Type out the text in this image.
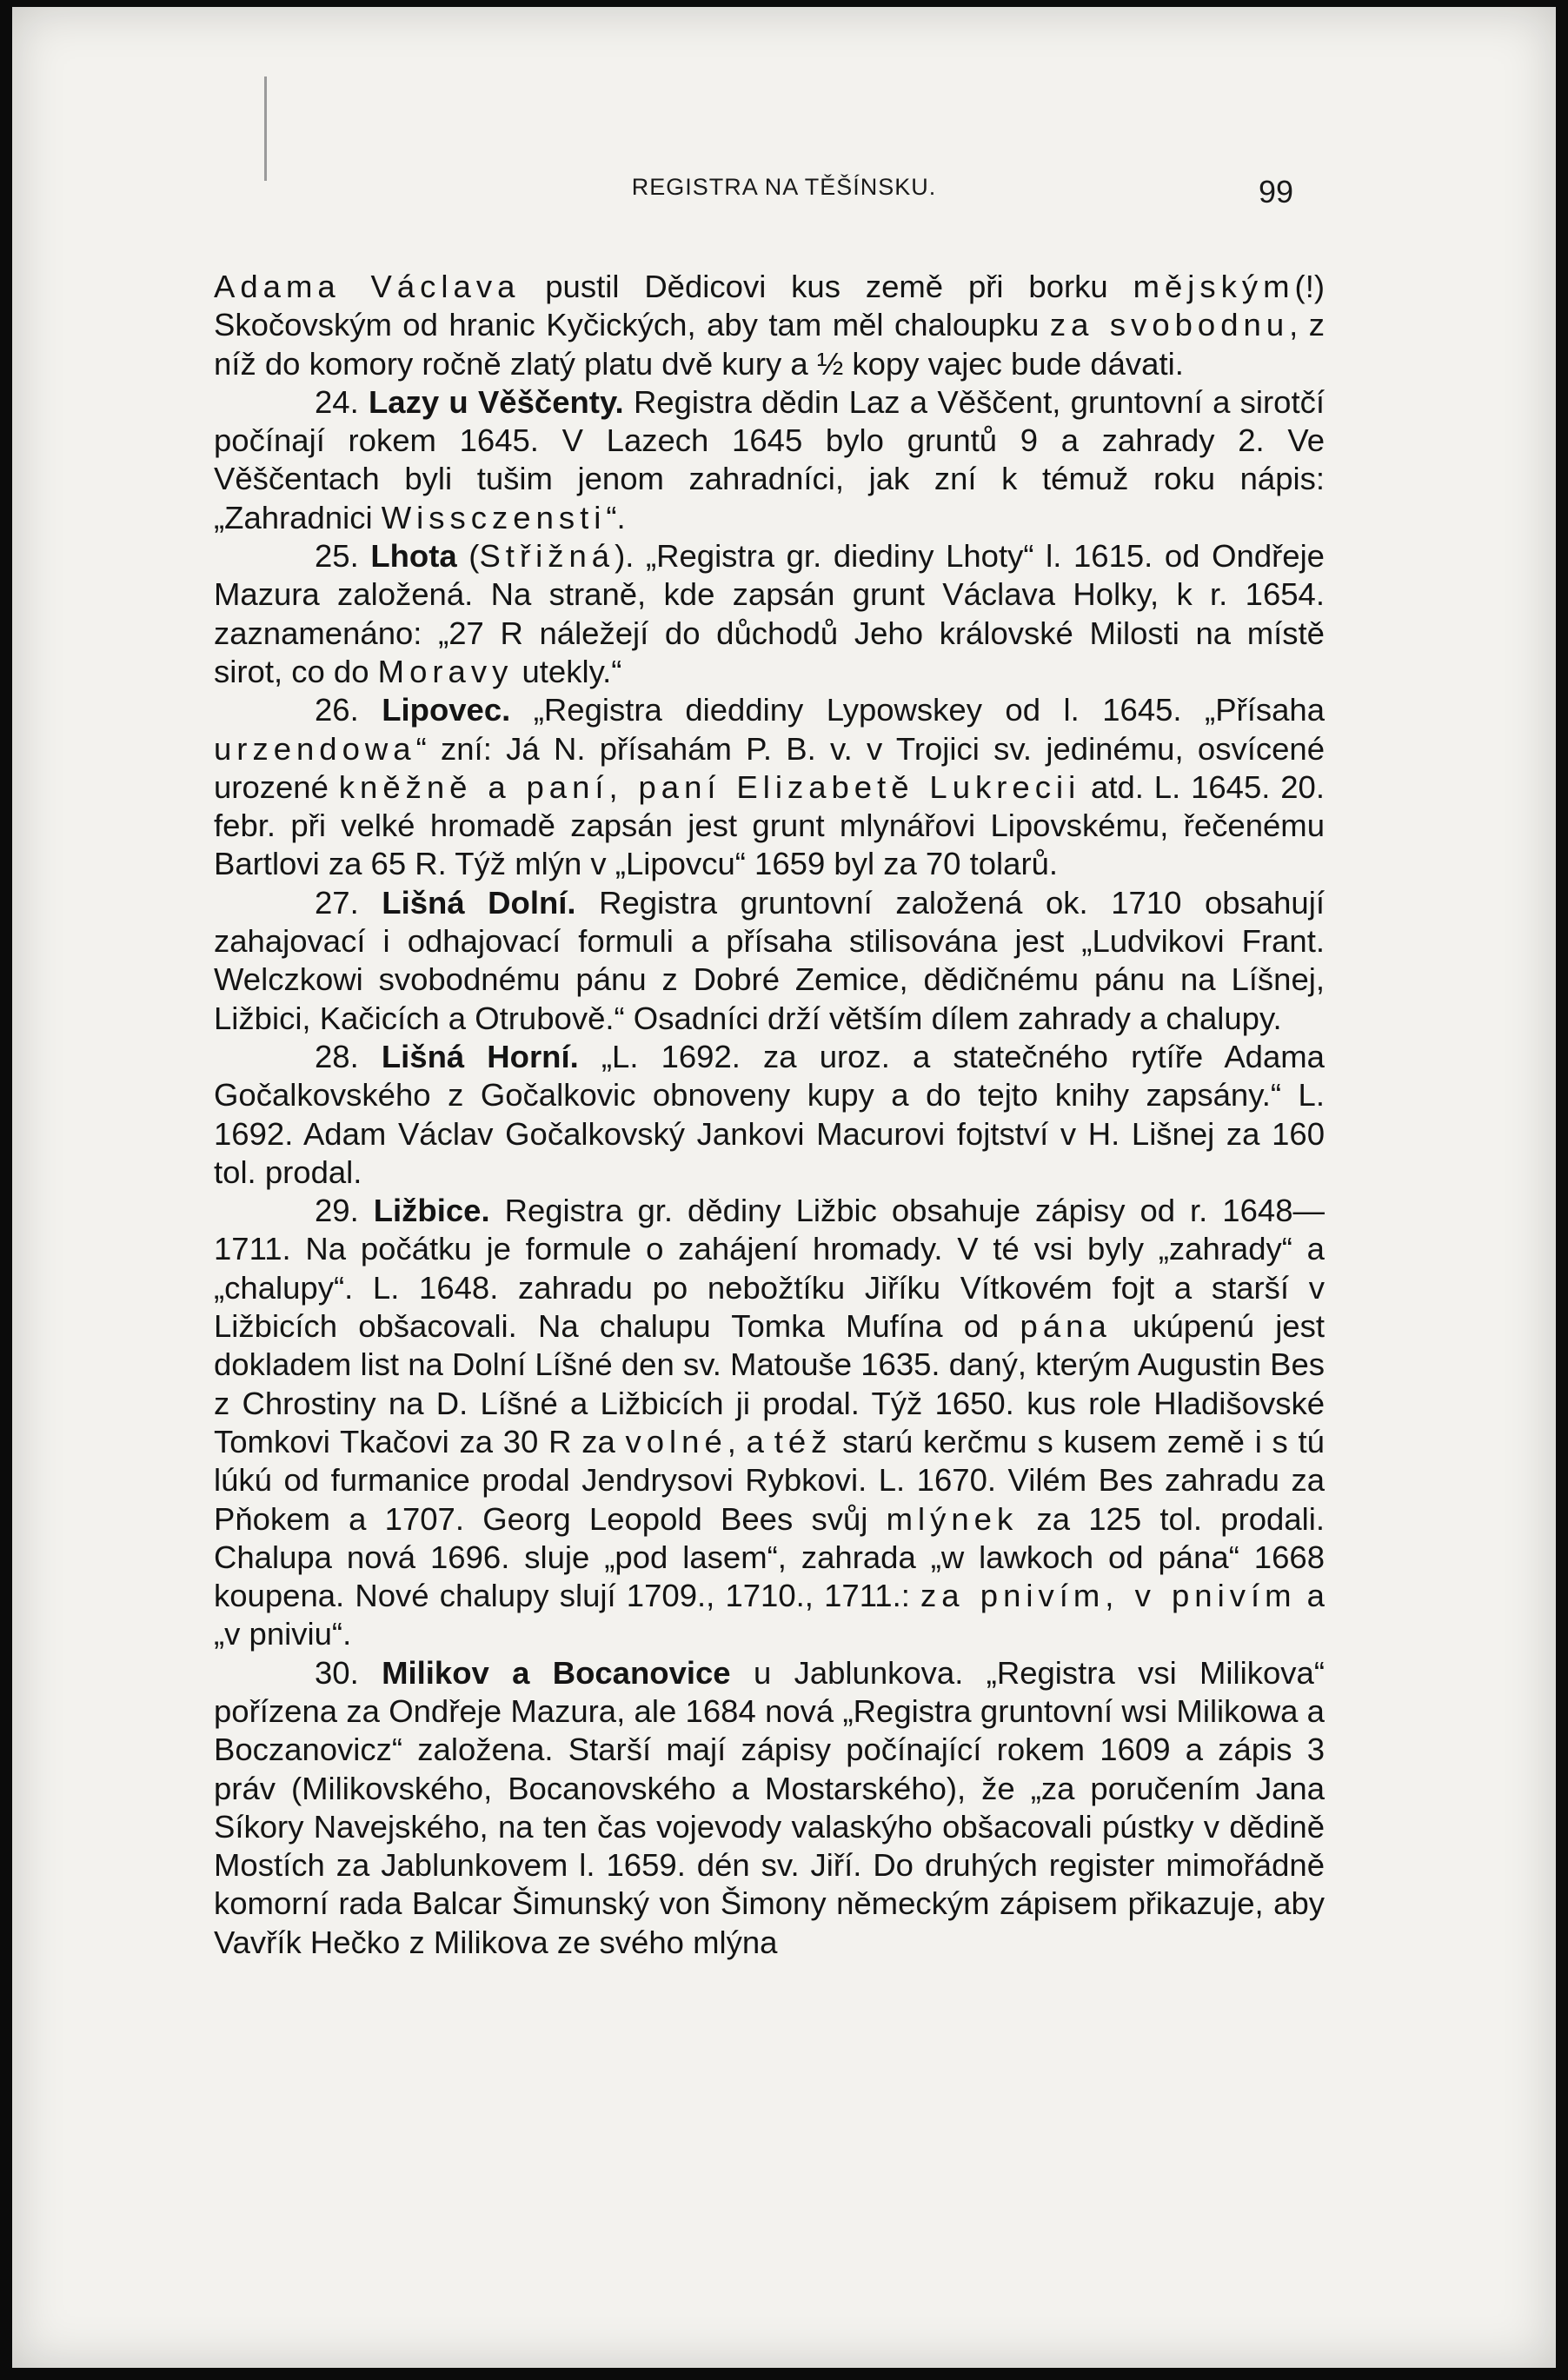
REGISTRA NA TĚŠÍNSKU.	99

Adama Václava pustil Dědicovi kus země při borku mějským(!) Skočovským od hranic Kyčických, aby tam měl chaloupku za svobodnu, z níž do komory ročně zlatý platu dvě kury a ½ kopy vajec bude dávati.

24. Lazy u Věščenty. Registra dědin Laz a Věščent, gruntovní a sirotčí počínají rokem 1645. V Lazech 1645 bylo gruntů 9 a zahrady 2. Ve Věščentach byli tušim jenom zahradníci, jak zní k témuž roku nápis: „Zahradnici Wissczensti“.

25. Lhota (Střižná). „Registra gr. diediny Lhoty“ l. 1615. od Ondřeje Mazura založená. Na straně, kde zapsán grunt Václava Holky, k r. 1654. zaznamenáno: „27 R náležejí do důchodů Jeho královské Milosti na místě sirot, co do Moravy utekly.“

26. Lipovec. „Registra dieddiny Lypowskey od l. 1645. „Přísaha urzendowa“ zní: Já N. přísahám P. B. v. v Trojici sv. jedinému, osvícené urozené kněžně a paní, paní Elizabetě Lukrecii atd. L. 1645. 20. febr. při velké hromadě zapsán jest grunt mlynářovi Lipovskému, řečenému Bartlovi za 65 R. Týž mlýn v „Lipovcu“ 1659 byl za 70 tolarů.

27. Lišná Dolní. Registra gruntovní založená ok. 1710 obsahují zahajovací i odhajovací formuli a přísaha stilisována jest „Ludvikovi Frant. Welczkowi svobodnému pánu z Dobré Zemice, dědičnému pánu na Líšnej, Ližbici, Kačicích a Otrubově.“ Osadníci drží větším dílem zahrady a chalupy.

28. Lišná Horní. „L. 1692. za uroz. a statečného rytíře Adama Gočalkovského z Gočalkovic obnoveny kupy a do tejto knihy zapsány.“ L. 1692. Adam Václav Gočalkovský Jankovi Macurovi fojtství v H. Lišnej za 160 tol. prodal.

29. Ližbice. Registra gr. dědiny Ližbic obsahuje zápisy od r. 1648—1711. Na počátku je formule o zahájení hromady. V té vsi byly „zahrady“ a „chalupy“. L. 1648. zahradu po nebožtíku Jiříku Vítkovém fojt a starší v Ližbicích obšacovali. Na chalupu Tomka Mufína od pána ukúpenú jest dokladem list na Dolní Líšné den sv. Matouše 1635. daný, kterým Augustin Bes z Chrostiny na D. Líšné a Ližbicích ji prodal. Týž 1650. kus role Hladišovské Tomkovi Tkačovi za 30 R za volné, a též starú kerčmu s kusem země i s tú lúkú od furmanice prodal Jendrysovi Rybkovi. L. 1670. Vilém Bes zahradu za Pňokem a 1707. Georg Leopold Bees svůj mlýnek za 125 tol. prodali. Chalupa nová 1696. sluje „pod lasem“, zahrada „w lawkoch od pána“ 1668 koupena. Nové chalupy slují 1709., 1710., 1711.: za pnivím, v pnivím a „v pniviu“.

30. Milikov a Bocanovice u Jablunkova. „Registra vsi Milikova“ pořízena za Ondřeje Mazura, ale 1684 nová „Registra gruntovní wsi Milikowa a Boczanovicz“ založena. Starší mají zápisy počínající rokem 1609 a zápis 3 práv (Milikovského, Bocanovského a Mostarského), že „za poručením Jana Síkory Navejského, na ten čas vojevody valaskýho obšacovali pústky v dědině Mostích za Jablunkovem l. 1659. dén sv. Jiří. Do druhých register mimořádně komorní rada Balcar Šimunský von Šimony německým zápisem přikazuje, aby Vavřík Hečko z Milikova ze svého mlýna
